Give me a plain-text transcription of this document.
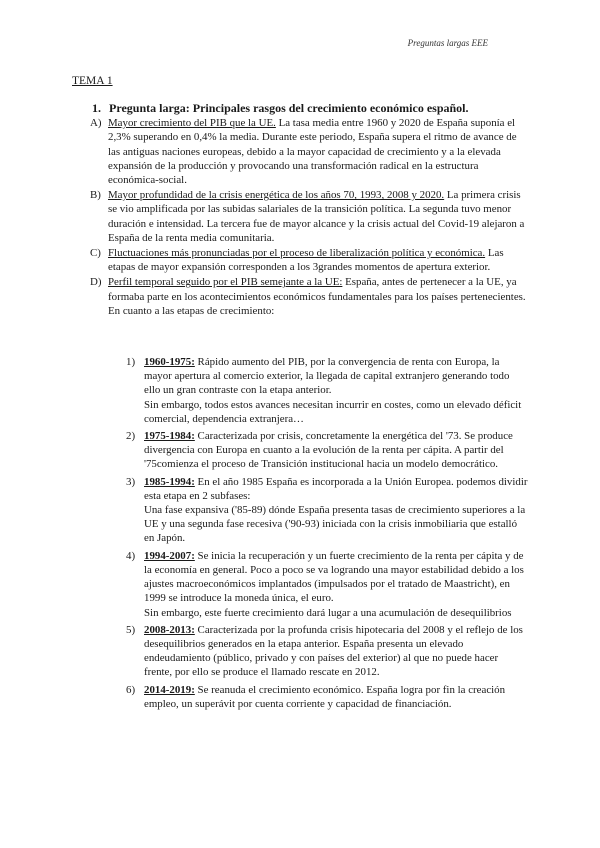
Preguntas largas EEE
TEMA 1
1. Pregunta larga: Principales rasgos del crecimiento económico español.
A) Mayor crecimiento del PIB que la UE. La tasa media entre 1960 y 2020 de España suponía el 2,3% superando en 0,4% la media. Durante este periodo, España supera el ritmo de avance de las antiguas naciones europeas, debido a la mayor capacidad de crecimiento y a la elevada expansión de la producción y provocando una transformación radical en la estructura económica-social.
B) Mayor profundidad de la crisis energética de los años 70, 1993, 2008 y 2020. La primera crisis se vio amplificada por las subidas salariales de la transición política. La segunda tuvo menor duración e intensidad. La tercera fue de mayor alcance y la crisis actual del Covid-19 alejaron a España de la renta media comunitaria.
C) Fluctuaciones más pronunciadas por el proceso de liberalización política y económica. Las etapas de mayor expansión corresponden a los 3grandes momentos de apertura exterior.
D) Perfil temporal seguido por el PIB semejante a la UE: España, antes de pertenecer a la UE, ya formaba parte en los acontecimientos económicos fundamentales para los países pertenecientes.
En cuanto a las etapas de crecimiento:
1) 1960-1975: Rápido aumento del PIB, por la convergencia de renta con Europa, la mayor apertura al comercio exterior, la llegada de capital extranjero generando todo ello un gran contraste con la etapa anterior.
Sin embargo, todos estos avances necesitan incurrir en costes, como un elevado déficit comercial, dependencia extranjera…
2) 1975-1984: Caracterizada por crisis, concretamente la energética del '73. Se produce divergencia con Europa en cuanto a la evolución de la renta per cápita. A partir del '75comienza el proceso de Transición institucional hacia un modelo democrático.
3) 1985-1994: En el año 1985 España es incorporada a la Unión Europea. podemos dividir esta etapa en 2 subfases:
Una fase expansiva ('85-89) dónde España presenta tasas de crecimiento superiores a la UE y una segunda fase recesiva ('90-93) iniciada con la crisis inmobiliaria que estalló en Japón.
4) 1994-2007: Se inicia la recuperación y un fuerte crecimiento de la renta per cápita y de la economía en general. Poco a poco se va logrando una mayor estabilidad debido a los ajustes macroeconómicos implantados (impulsados por el tratado de Maastricht), en 1999 se introduce la moneda única, el euro.
Sin embargo, este fuerte crecimiento dará lugar a una acumulación de desequilibrios
5) 2008-2013: Caracterizada por la profunda crisis hipotecaria del 2008 y el reflejo de los desequilibrios generados en la etapa anterior. España presenta un elevado endeudamiento (público, privado y con países del exterior) al que no puede hacer frente, por ello se produce el llamado rescate en 2012.
6) 2014-2019: Se reanuda el crecimiento económico. España logra por fin la creación empleo, un superávit por cuenta corriente y capacidad de financiación.
